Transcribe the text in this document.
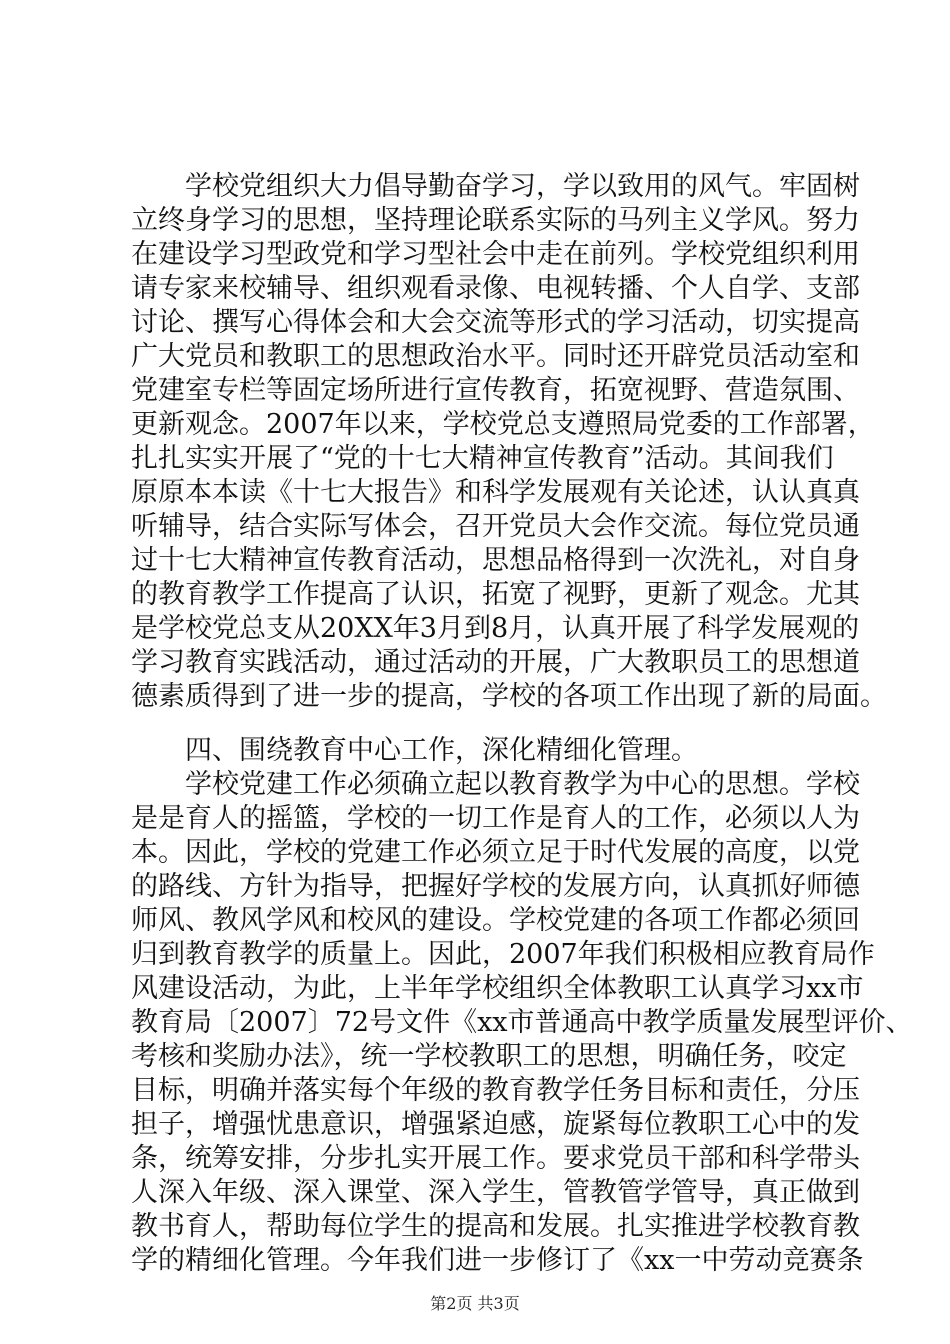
　　学校党组织大力倡导勤奋学习，学以致用的风气。牢固树
立终身学习的思想，坚持理论联系实际的马列主义学风。努力
在建设学习型政党和学习型社会中走在前列。学校党组织利用
请专家来校辅导、组织观看录像、电视转播、个人自学、支部
讨论、撰写心得体会和大会交流等形式的学习活动，切实提高
广大党员和教职工的思想政治水平。同时还开辟党员活动室和
党建室专栏等固定场所进行宣传教育，拓宽视野、营造氛围、
更新观念。2007年以来，学校党总支遵照局党委的工作部署，
扎扎实实开展了“党的十七大精神宣传教育”活动。其间我们
原原本本读《十七大报告》和科学发展观有关论述，认认真真
听辅导，结合实际写体会，召开党员大会作交流。每位党员通
过十七大精神宣传教育活动，思想品格得到一次洗礼，对自身
的教育教学工作提高了认识，拓宽了视野，更新了观念。尤其
是学校党总支从20XX年3月到8月，认真开展了科学发展观的
学习教育实践活动，通过活动的开展，广大教职员工的思想道
德素质得到了进一步的提高，学校的各项工作出现了新的局面。
　　四、围绕教育中心工作，深化精细化管理。
　　学校党建工作必须确立起以教育教学为中心的思想。学校
是是育人的摇篮，学校的一切工作是育人的工作，必须以人为
本。因此，学校的党建工作必须立足于时代发展的高度，以党
的路线、方针为指导，把握好学校的发展方向，认真抓好师德
师风、教风学风和校风的建设。学校党建的各项工作都必须回
归到教育教学的质量上。因此，2007年我们积极相应教育局作
风建设活动，为此，上半年学校组织全体教职工认真学习xx市
教育局〔2007〕72号文件《xx市普通高中教学质量发展型评价、
考核和奖励办法》，统一学校教职工的思想，明确任务，咬定
目标，明确并落实每个年级的教育教学任务目标和责任，分压
担子，增强忧患意识，增强紧迫感，旋紧每位教职工心中的发
条，统筹安排，分步扎实开展工作。要求党员干部和科学带头
人深入年级、深入课堂、深入学生，管教管学管导，真正做到
教书育人，帮助每位学生的提高和发展。扎实推进学校教育教
学的精细化管理。今年我们进一步修订了《xx一中劳动竞赛条
第2页 共3页
